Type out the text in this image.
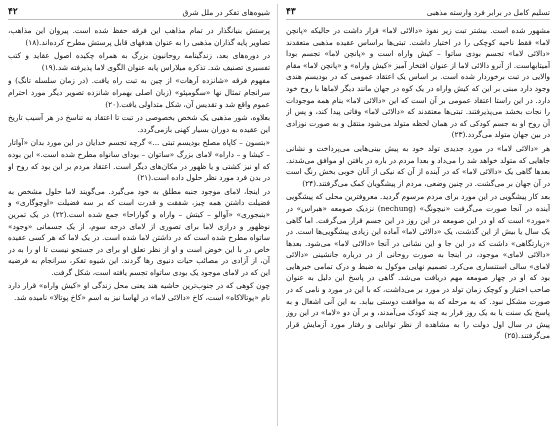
شیوه‌های تفکر در ملل شرق
۴۲

پرستش بنیانگذار در تمام مذاهب این فرقه حفظ شده است. پیروان این مذاهب، تصاویر پایه گذاران مذهبی را به عنوان هدفهای قابل پرستش مطرح کرده‌اند.(۱۸)

در دوره‌های بعد، زندگینامه روحانیون بزرگ به همراه چکیده اصول عقاید و کتب تفسیری تصنیف شد. تذکره میلاراس پابه عنوان الگوی لاما پذیرفته شد.(۱۹)

مفهوم فرقه «شانزده اَرهات» از چین به تبت راه یافت. (در زمان سلسله تانگ) و سرانجام تمثال نها «سگومپئو» (زبان اصلی بهمراه شانزده تصویر دیگر مورد احترام عموم واقع شد و تقدیس آن، شکل متداولی یافت.(۲۰)

بعلاوه، شور مذهبی یک شخص بخصوصی در تبت تا اعتقاد به تناسخ در هر آسیب تاریخ این عقیده به دوران بسیار کهنی بازمی‌گردد.

«بتسون – کاپاه مصلح بودیسم تبتی ...» گرچه تجسم خدایان در این مورد بدان «آواتار – کیشا و – داراه» لامای بزرگ «ساتوان – بودای سانواه مطرح شده است.» این بوده که او نیز کشتی و یا ظهور در مکان‌های دیگر است. اعتقاد مردم بر این بود که روح او در بدن فرد مورد نظر حلول داده است.(۲۱)

در اینجا، لامای موجود جنبه مطلق به خود می‌گیرد. می‌گویند لاما حلول مشخص به فضیلت داشتن همه چیز، شفقت و قدرت است که بر سه فضیلت «اوچوگاری» و «ینبجوری» «آوالو – کیتش – واراه و گواراحا» جمع شده است.(۲۲) در یک تمرین نوظهور و درازی لاما برای تصوری از لامای درجه سوم، از یک جسمانی «وجود» ساتواه مطرح شده است که در داشتن لاما شده است. در یک لاما که هر کسی عقیده خاص در با این خوض است و او از نظر تعلق او برای در جستجو نیست تا او را به در آن، از آزادی در مصائب حیات دنیوی رها گردند. این شیوه تفکر، سرانجام به فرضیه این که در لامای موجود یک بودی ساتواه تجسم یافته است، شکل گرفت.

چون کوهی که در جنوب‌ترین حاشیه هند یعنی محل زندگی او «کیش واراه» قرار دارد نام «پوتالاکاه» است، کاخ «دالائی لاما» در لهاسا نیز به اسم «کاخ پوتالا» نامیده شد.

تسلیم کامل در برابر فرد وارسته مذهبی
۴۳

مشهور شده است. بیشتر تبت زیر نفوذ «دالائی لاما» قرار داشت در حالیکه «پانچن لاما» فقط ناحیه کوچکی را در اختیار داشت. تبتی‌ها براساس عقیده مذهبی متعقدند «دالائی لاما» تجسم بودی ساتوا – کیش واراه است و «پانچن لاما» تجسم بودا آمیتابهاست. از آنرو دالائی لاما از عنوان افتخار آمیز «کیش واراه» و «پانچن لاما» مقام والایی در تبت برخوردار شده است. بر اساس یک اعتقاد عمومی که در بودیسم هندی وجود دارد مبنی بر این که کیش واراه در یک کوه در جهان مانند دیگر لاما‌ها با روح خود دارد. در این راستا اعتقاد عمومی بر آن است که این «دالائی لاما» بنام همه موجودات را نجات بخشد می‌پذیرفتند. تبتی‌ها معتقدند که «دالائی لاما» وفاتی پیدا کند، و پس از آن روح او به جسم کودکی که در همان لحظه متولد می‌شود منتقل و به صورت نوزادی در بین جهان متولد می‌گردد.(۲۳)

هر «دالائی لاما» در مورد جدیدی تولد خود به پیش بینی‌هایی می‌پرداخت و نشانی جاهایی که متولد خواهد شد را می‌داد و بعدا مردم در باره در یافتن او موافق می‌شدند. بعدها گاهی یک «دالائی لاما» که در آینده از آن که نیکی از آنان خوبی بخش رنگ است در آن جهان بر می‌گشت. در چنین وضعی، مردم از پیشگویان کمک می‌گرفتند.(۲۴)

بعد کار پیشگویی در این مورد برای مردم مرسوم گردید. معروفترین محلی که پیشگویی آینده در آنجا صورت می‌گرفت «نیچونگ» (nechung) نزدیک صومعه «هبراس» در «مورد» است که او در این صومعه در این روز در این جسم قرار می‌گرفت. اما گاهی یک سال یا بیش از این گذشت، یک «دالائی لاما» آماده این زیادی پیشگویی‌ها است. در «زیارتگاهی» داشت که در این جا و این نشانی در آنجا «دالائی لاما» می‌شود. بعدها «دالائی لامای» موجود، در اینجا به صورت روحانی از در درباره جانشینی «دالائی لامای» سالی استنساری می‌کرد. تصمیم نهایی موکول به ضبط و درک تمامی خبرهایی بود که او در چهار صومعه مهم دریافت می‌شد. گاهی در پاسخ این دلیل به عنوان صاحب اختیار و کوچک زمان تولد در مورد بر می‌داشت، که با این در مورد و نامی که در صورت مشکل نبود. که به مرحله که به موافقت دوستی بیابد. به این آنی اشغال و به پاسخ یک سنت یا به یک روز قرار به چند کودک می‌آمدند، و بر آن دو «لاما» در این روز پیش در سال اول دولت را به مشاهده از نظر توانایی و رفتار مورد آزمایش قرار می‌گرفتند.(۲۵)
